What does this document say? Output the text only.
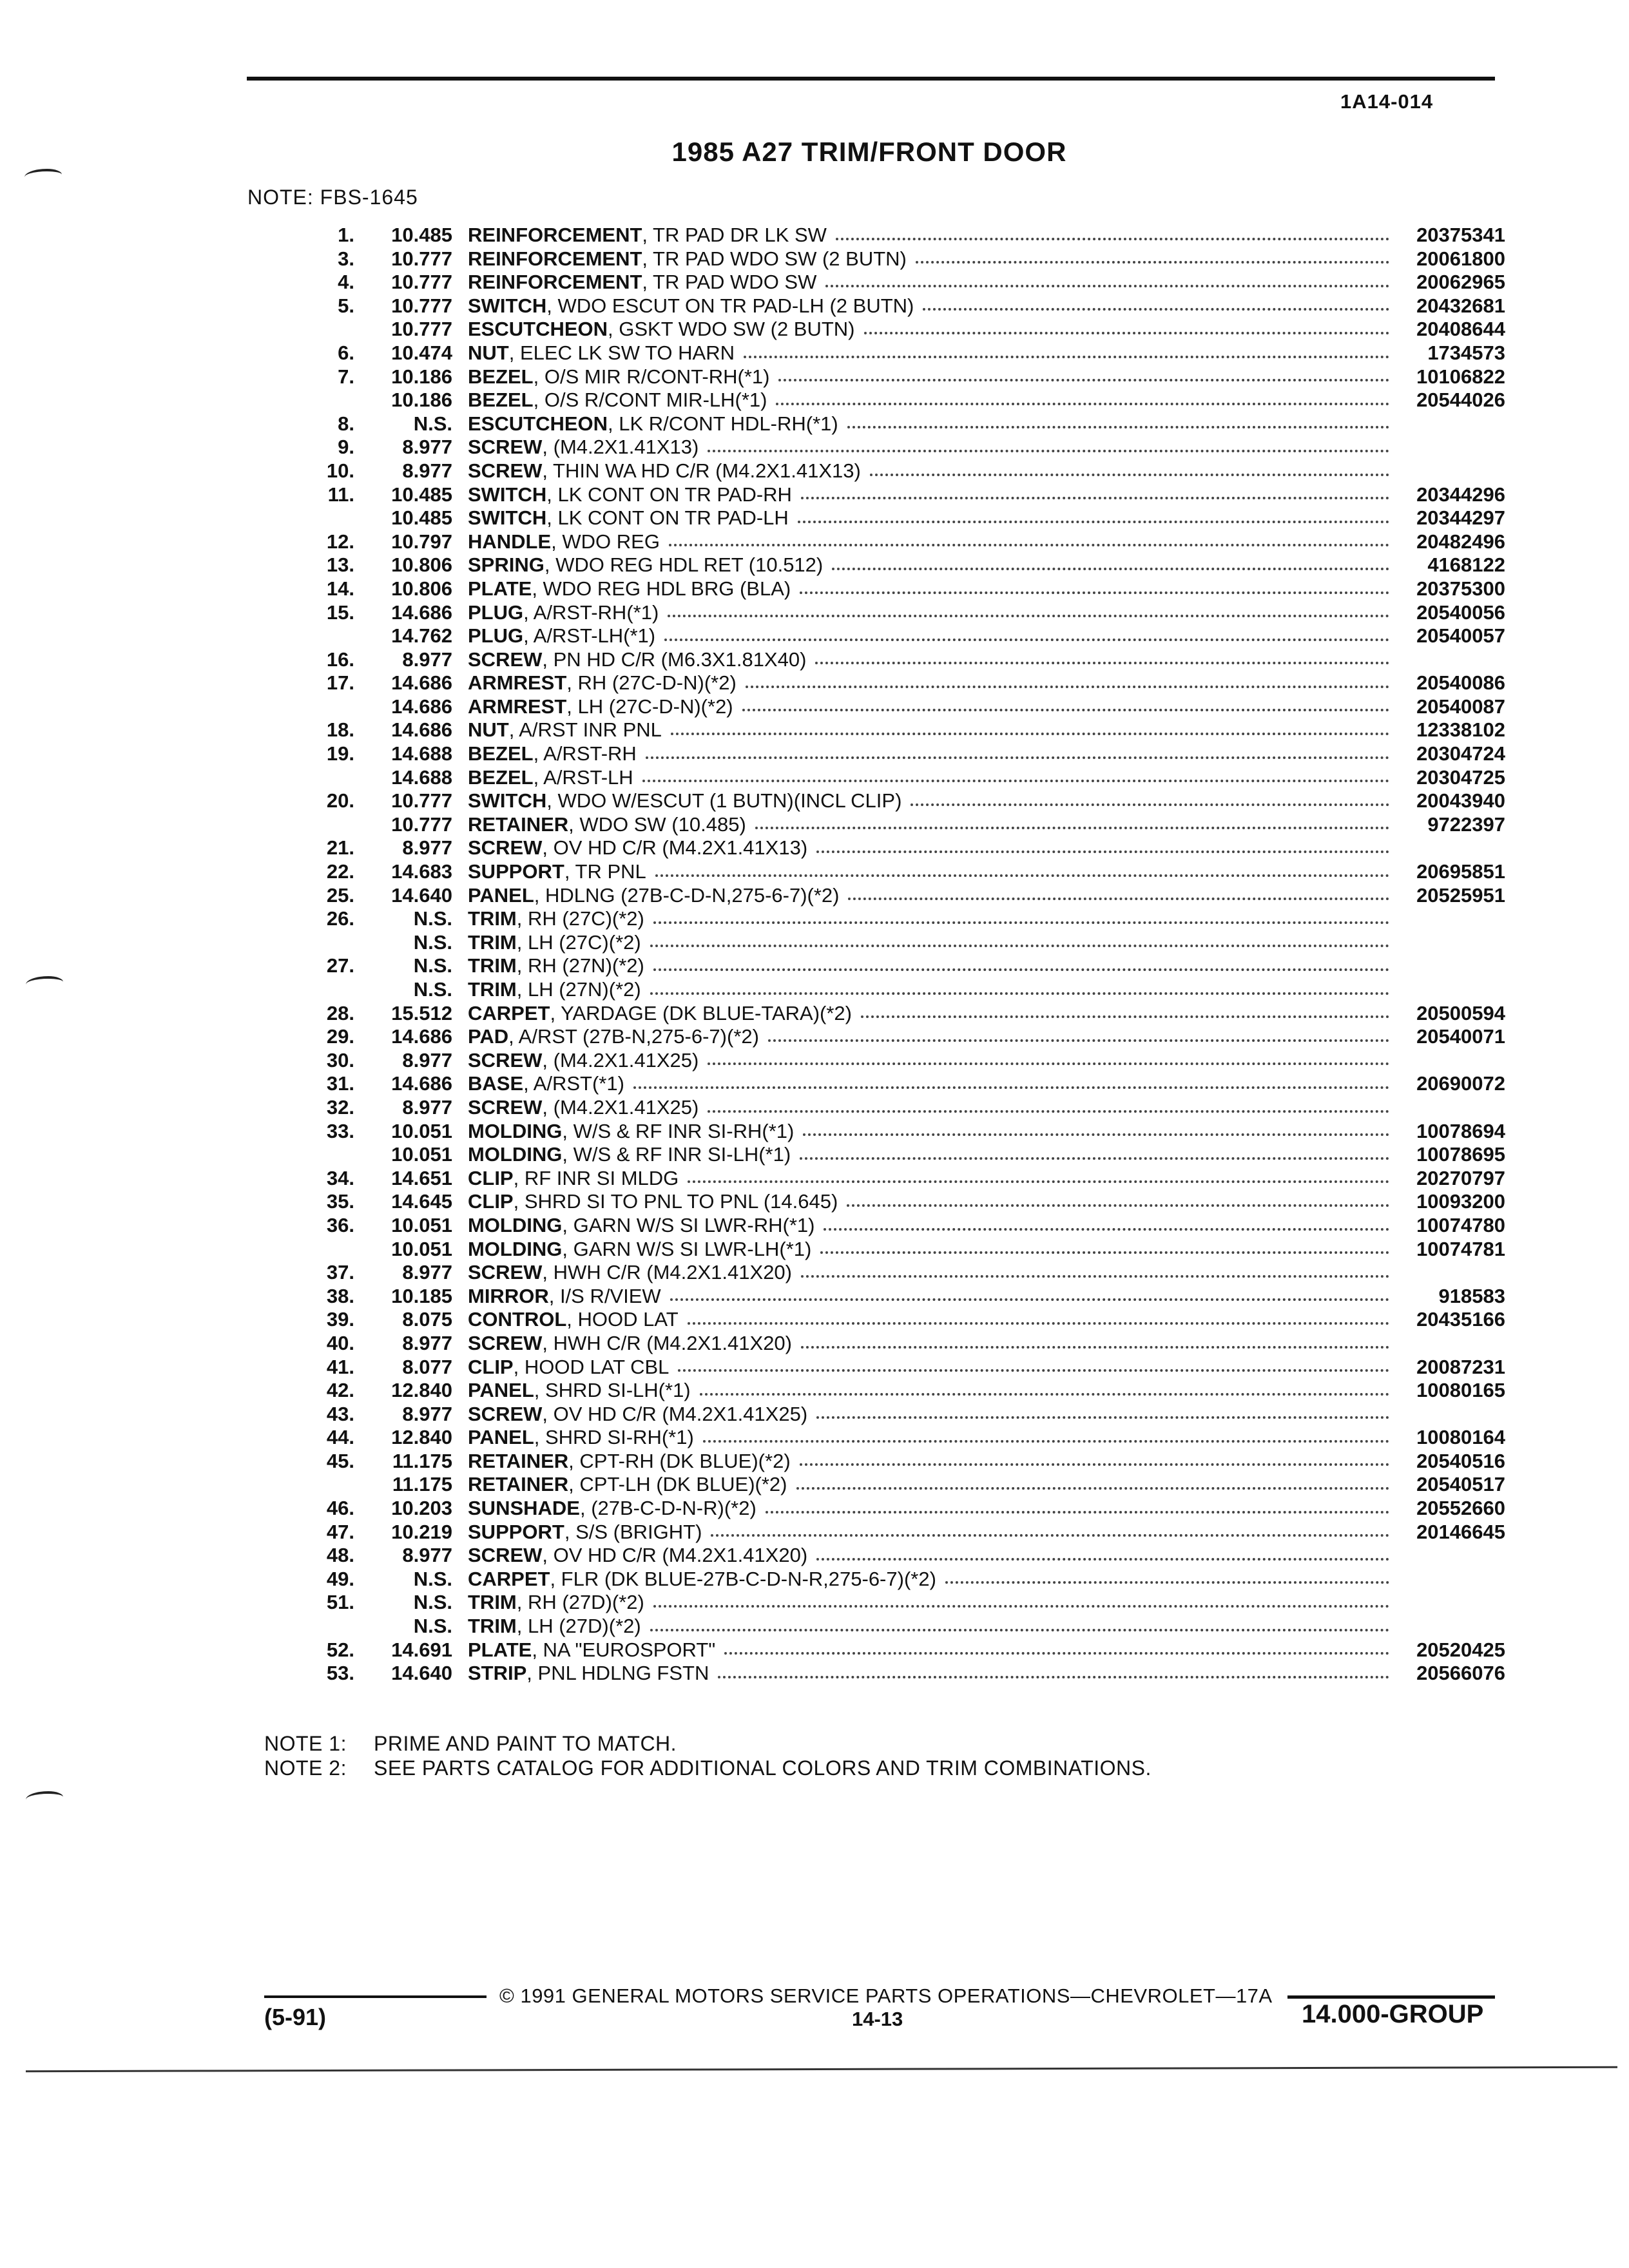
1A14-014
1985 A27 TRIM/FRONT DOOR
NOTE: FBS-1645
1.	10.485 REINFORCEMENT , TR PAD DR LK SW	20375341
3.	10.777 REINFORCEMENT , TR PAD WDO SW (2 BUTN)	20061800
4.	10.777 REINFORCEMENT , TR PAD WDO SW	20062965
5.	10.777 SWITCH , WDO ESCUT ON TR PAD-LH (2 BUTN)	20432681
10.777 ESCUTCHEON , GSKT WDO SW (2 BUTN)	20408644
6.	10.474 NUT , ELEC LK SW TO HARN	1734573
7.	10.186 BEZEL , O/S MIR R/CONT-RH(*1)	10106822
10.186 BEZEL , O/S R/CONT MIR-LH(*1)	20544026
8.	N.S. ESCUTCHEON , LK R/CONT HDL-RH(*1)
9.	8.977 SCREW , (M4.2X1.41X13)
10.	8.977 SCREW , THIN WA HD C/R (M4.2X1.41X13)
11.	10.485 SWITCH , LK CONT ON TR PAD-RH	20344296
10.485 SWITCH , LK CONT ON TR PAD-LH	20344297
12.	10.797 HANDLE , WDO REG	20482496
13.	10.806 SPRING , WDO REG HDL RET (10.512)	4168122
14.	10.806 PLATE , WDO REG HDL BRG (BLA)	20375300
15.	14.686 PLUG , A/RST-RH(*1)	20540056
14.762 PLUG , A/RST-LH(*1)	20540057
16.	8.977 SCREW , PN HD C/R (M6.3X1.81X40)
17.	14.686 ARMREST , RH (27C-D-N)(*2)	20540086
14.686 ARMREST , LH (27C-D-N)(*2)	20540087
18.	14.686 NUT , A/RST INR PNL	12338102
19.	14.688 BEZEL , A/RST-RH	20304724
14.688 BEZEL , A/RST-LH	20304725
20.	10.777 SWITCH , WDO W/ESCUT (1 BUTN)(INCL CLIP)	20043940
10.777 RETAINER , WDO SW (10.485)	9722397
21.	8.977 SCREW , OV HD C/R (M4.2X1.41X13)
22.	14.683 SUPPORT , TR PNL	20695851
25.	14.640 PANEL , HDLNG (27B-C-D-N,275-6-7)(*2)	20525951
26.	N.S. TRIM , RH (27C)(*2)
N.S. TRIM , LH (27C)(*2)
27.	N.S. TRIM , RH (27N)(*2)
N.S. TRIM , LH (27N)(*2)
28.	15.512 CARPET , YARDAGE (DK BLUE-TARA)(*2)	20500594
29.	14.686 PAD , A/RST (27B-N,275-6-7)(*2)	20540071
30.	8.977 SCREW , (M4.2X1.41X25)
31.	14.686 BASE , A/RST(*1)	20690072
32.	8.977 SCREW , (M4.2X1.41X25)
33.	10.051 MOLDING , W/S & RF INR SI-RH(*1)	10078694
10.051 MOLDING , W/S & RF INR SI-LH(*1)	10078695
34.	14.651 CLIP , RF INR SI MLDG	20270797
35.	14.645 CLIP , SHRD SI TO PNL TO PNL (14.645)	10093200
36.	10.051 MOLDING , GARN W/S SI LWR-RH(*1)	10074780
10.051 MOLDING , GARN W/S SI LWR-LH(*1)	10074781
37.	8.977 SCREW , HWH C/R (M4.2X1.41X20)
38.	10.185 MIRROR , I/S R/VIEW	918583
39.	8.075 CONTROL , HOOD LAT	20435166
40.	8.977 SCREW , HWH C/R (M4.2X1.41X20)
41.	8.077 CLIP , HOOD LAT CBL	20087231
42.	12.840 PANEL , SHRD SI-LH(*1)	10080165
43.	8.977 SCREW , OV HD C/R (M4.2X1.41X25)
44.	12.840 PANEL , SHRD SI-RH(*1)	10080164
45.	11.175 RETAINER , CPT-RH (DK BLUE)(*2)	20540516
11.175 RETAINER , CPT-LH (DK BLUE)(*2)	20540517
46.	10.203 SUNSHADE , (27B-C-D-N-R)(*2)	20552660
47.	10.219 SUPPORT , S/S (BRIGHT)	20146645
48.	8.977 SCREW , OV HD C/R (M4.2X1.41X20)
49.	N.S. CARPET , FLR (DK BLUE-27B-C-D-N-R,275-6-7)(*2)
51.	N.S. TRIM , RH (27D)(*2)
N.S. TRIM , LH (27D)(*2)
52.	14.691 PLATE , NA "EUROSPORT"	20520425
53.	14.640 STRIP , PNL HDLNG FSTN	20566076
NOTE 1:	PRIME AND PAINT TO MATCH.
NOTE 2:	SEE PARTS CATALOG FOR ADDITIONAL COLORS AND TRIM COMBINATIONS.
© 1991 GENERAL MOTORS SERVICE PARTS OPERATIONS—CHEVROLET—17A
(5-91)	14-13	14.000-GROUP
